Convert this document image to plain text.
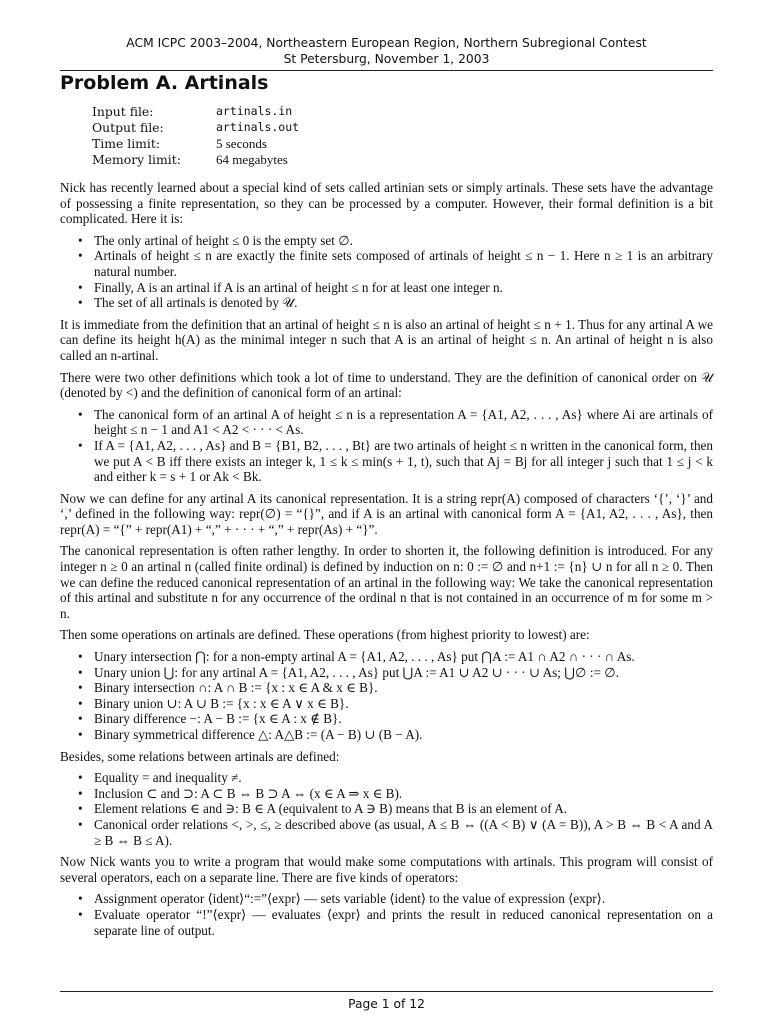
ACM ICPC 2003–2004, Northeastern European Region, Northern Subregional Contest
St Petersburg, November 1, 2003
Problem A. Artinals
Input file:	artinals.in
Output file:	artinals.out
Time limit:	5 seconds
Memory limit:	64 megabytes

Nick has recently learned about a special kind of sets called artinian sets or simply artinals. These sets have the advantage of possessing a finite representation, so they can be processed by a computer. However, their formal definition is a bit complicated. Here it is:

• The only artinal of height ≤ 0 is the empty set ∅.
• Artinals of height ≤ n are exactly the finite sets composed of artinals of height ≤ n − 1. Here n ≥ 1 is an arbitrary natural number.
• Finally, A is an artinal if A is an artinal of height ≤ n for at least one integer n.
• The set of all artinals is denoted by 𝒰.

It is immediate from the definition that an artinal of height ≤ n is also an artinal of height ≤ n + 1. Thus for any artinal A we can define its height h(A) as the minimal integer n such that A is an artinal of height ≤ n. An artinal of height n is also called an n-artinal.

There were two other definitions which took a lot of time to understand. They are the definition of canonical order on 𝒰 (denoted by <) and the definition of canonical form of an artinal:

• The canonical form of an artinal A of height ≤ n is a representation A = {A1, A2, . . . , As} where Ai are artinals of height ≤ n − 1 and A1 < A2 < · · · < As.
• If A = {A1, A2, . . . , As} and B = {B1, B2, . . . , Bt} are two artinals of height ≤ n written in the canonical form, then we put A < B iff there exists an integer k, 1 ≤ k ≤ min(s + 1, t), such that Aj = Bj for all integer j such that 1 ≤ j < k and either k = s + 1 or Ak < Bk.

Now we can define for any artinal A its canonical representation. It is a string repr(A) composed of characters ‘{’, ‘}’ and ‘,’ defined in the following way: repr(∅) = “{}”, and if A is an artinal with canonical form A = {A1, A2, . . . , As}, then repr(A) = “{” + repr(A1) + “,” + · · · + “,” + repr(As) + “}”.

The canonical representation is often rather lengthy. In order to shorten it, the following definition is introduced. For any integer n ≥ 0 an artinal n (called finite ordinal) is defined by induction on n: 0 := ∅ and n+1 := {n} ∪ n for all n ≥ 0. Then we can define the reduced canonical representation of an artinal in the following way: We take the canonical representation of this artinal and substitute n for any occurrence of the ordinal n that is not contained in an occurrence of m for some m > n.

Then some operations on artinals are defined. These operations (from highest priority to lowest) are:

• Unary intersection ⋂: for a non-empty artinal A = {A1, A2, . . . , As} put ⋂A := A1 ∩ A2 ∩ · · · ∩ As.
• Unary union ⋃: for any artinal A = {A1, A2, . . . , As} put ⋃A := A1 ∪ A2 ∪ · · · ∪ As; ⋃∅ := ∅.
• Binary intersection ∩: A ∩ B := {x : x ∈ A & x ∈ B}.
• Binary union ∪: A ∪ B := {x : x ∈ A ∨ x ∈ B}.
• Binary difference −: A − B := {x ∈ A : x ∉ B}.
• Binary symmetrical difference △: A△B := (A − B) ∪ (B − A).

Besides, some relations between artinals are defined:

• Equality = and inequality ≠.
• Inclusion ⊂ and ⊃: A ⊂ B ⇔ B ⊃ A ⇔ (x ∈ A ⇒ x ∈ B).
• Element relations ∈ and ∋: B ∈ A (equivalent to A ∋ B) means that B is an element of A.
• Canonical order relations <, >, ≤, ≥ described above (as usual, A ≤ B ⇔ ((A < B) ∨ (A = B)), A > B ⇔ B < A and A ≥ B ⇔ B ≤ A).

Now Nick wants you to write a program that would make some computations with artinals. This program will consist of several operators, each on a separate line. There are five kinds of operators:

• Assignment operator ⟨ident⟩“:=”⟨expr⟩ — sets variable ⟨ident⟩ to the value of expression ⟨expr⟩.
• Evaluate operator “!”⟨expr⟩ — evaluates ⟨expr⟩ and prints the result in reduced canonical representation on a separate line of output.
Page 1 of 12
